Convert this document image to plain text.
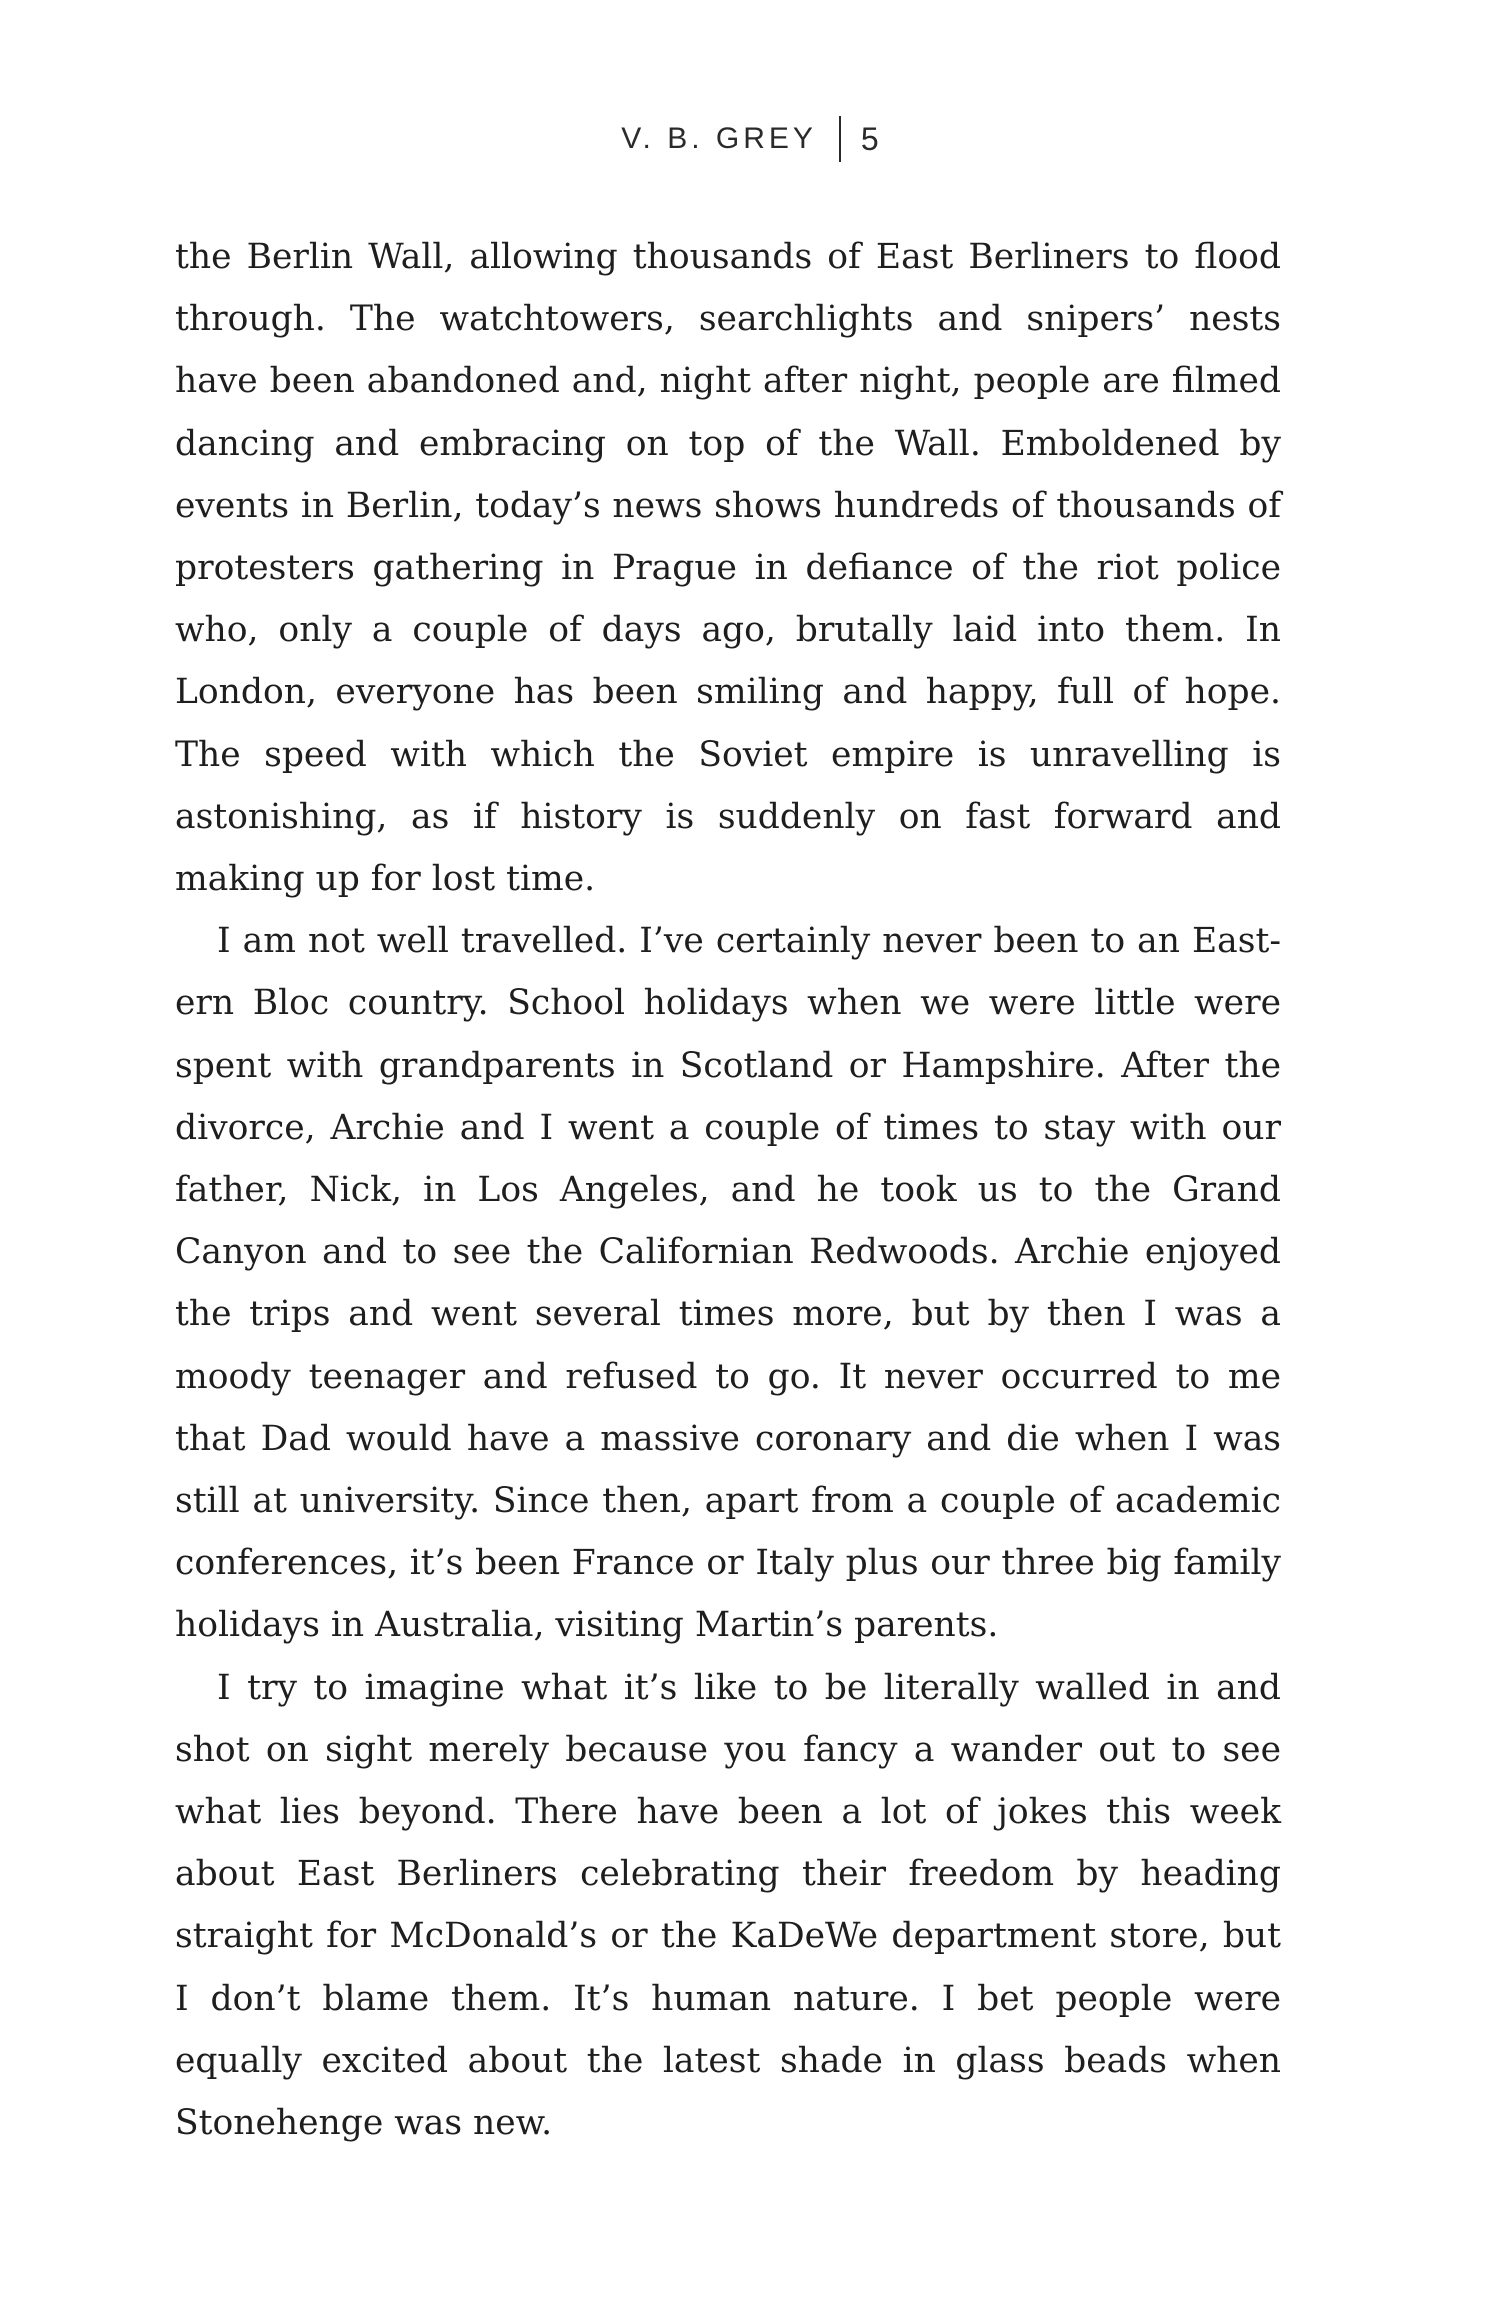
V. B. GREY 5

the Berlin Wall, allowing thousands of East Berliners to flood through. The watchtowers, searchlights and snipers’ nests have been abandoned and, night after night, people are filmed dancing and embracing on top of the Wall. Emboldened by events in Berlin, today’s news shows hundreds of thousands of protesters gathering in Prague in defiance of the riot police who, only a couple of days ago, brutally laid into them. In London, everyone has been smiling and happy, full of hope. The speed with which the Soviet empire is unravelling is astonishing, as if history is suddenly on fast forward and making up for lost time.

I am not well travelled. I’ve certainly never been to an Eastern Bloc country. School holidays when we were little were spent with grandparents in Scotland or Hampshire. After the divorce, Archie and I went a couple of times to stay with our father, Nick, in Los Angeles, and he took us to the Grand Canyon and to see the Californian Redwoods. Archie enjoyed the trips and went several times more, but by then I was a moody teenager and refused to go. It never occurred to me that Dad would have a massive coronary and die when I was still at university. Since then, apart from a couple of academic conferences, it’s been France or Italy plus our three big family holidays in Australia, visiting Martin’s parents.

I try to imagine what it’s like to be literally walled in and shot on sight merely because you fancy a wander out to see what lies beyond. There have been a lot of jokes this week about East Berliners celebrating their freedom by heading straight for McDonald’s or the KaDeWe department store, but I don’t blame them. It’s human nature. I bet people were equally excited about the latest shade in glass beads when Stonehenge was new.
